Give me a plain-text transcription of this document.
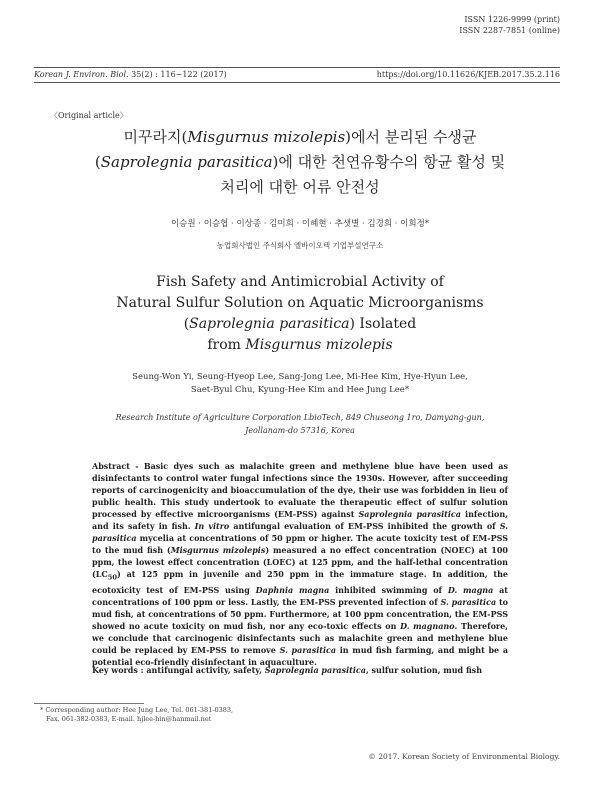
ISSN 1226-9999 (print)
ISSN 2287-7851 (online)
Korean J. Environ. Biol. 35(2) : 116~122 (2017)	https://doi.org/10.11626/KJEB.2017.35.2.116
〈Original article〉
미꾸라지(Misgurnus mizolepis)에서 분리된 수생균
(Saprolegnia parasitica)에 대한 천연유황수의 항균 활성 및
처리에 대한 어류 안전성
이승원 · 이승협 · 이상종 · 김미희 · 이혜현 · 추샛별 · 김경희 · 이희정*
농업회사법인 주식회사 엘바이오텍 기업부설연구소
Fish Safety and Antimicrobial Activity of
Natural Sulfur Solution on Aquatic Microorganisms
(Saprolegnia parasitica) Isolated
from Misgurnus mizolepis
Seung-Won Yi, Seung-Hyeop Lee, Sang-Jong Lee, Mi-Hee Kim, Hye-Hyun Lee,
Saet-Byul Chu, Kyung-Hee Kim and Hee Jung Lee*
Research Institute of Agriculture Corporation LbioTech, 849 Chuseong 1ro, Damyang-gun,
Jeollanam-do 57316, Korea
Abstract - Basic dyes such as malachite green and methylene blue have been used as disinfectants to control water fungal infections since the 1930s. However, after succeeding reports of carcinogenicity and bioaccumulation of the dye, their use was forbidden in lieu of public health. This study undertook to evaluate the therapeutic effect of sulfur solution processed by effective microorganisms (EM-PSS) against Saprolegnia parasitica infection, and its safety in fish. In vitro antifungal evaluation of EM-PSS inhibited the growth of S. parasitica mycelia at concentrations of 50 ppm or higher. The acute toxicity test of EM-PSS to the mud fish (Misgurnus mizolepis) measured a no effect concentration (NOEC) at 100 ppm, the lowest effect concentration (LOEC) at 125 ppm, and the half-lethal concentration $(LC_{50})$ at 125 ppm in juvenile and 250 ppm in the immature stage. In addition, the ecotoxicity test of EM-PSS using Daphnia magna inhibited swimming of D. magna at concentrations of 100 ppm or less. Lastly, the EM-PSS prevented infection of S. parasitica to mud fish, at concentrations of 50 ppm. Furthermore, at 100 ppm concentration, the EM-PSS showed no acute toxicity on mud fish, nor any eco-toxic effects on D. magnano. Therefore, we conclude that carcinogenic disinfectants such as malachite green and methylene blue could be replaced by EM-PSS to remove S. parasitica in mud fish farming, and might be a potential eco-friendly disinfectant in aquaculture.
Key words : antifungal activity, safety, Saprolegnia parasitica, sulfur solution, mud fish
* Corresponding author: Hee Jung Lee, Tel. 061-381-0383,
Fax. 061-382-0383, E-mail. hjlee-hin@hanmail.net
© 2017. Korean Society of Environmental Biology.
